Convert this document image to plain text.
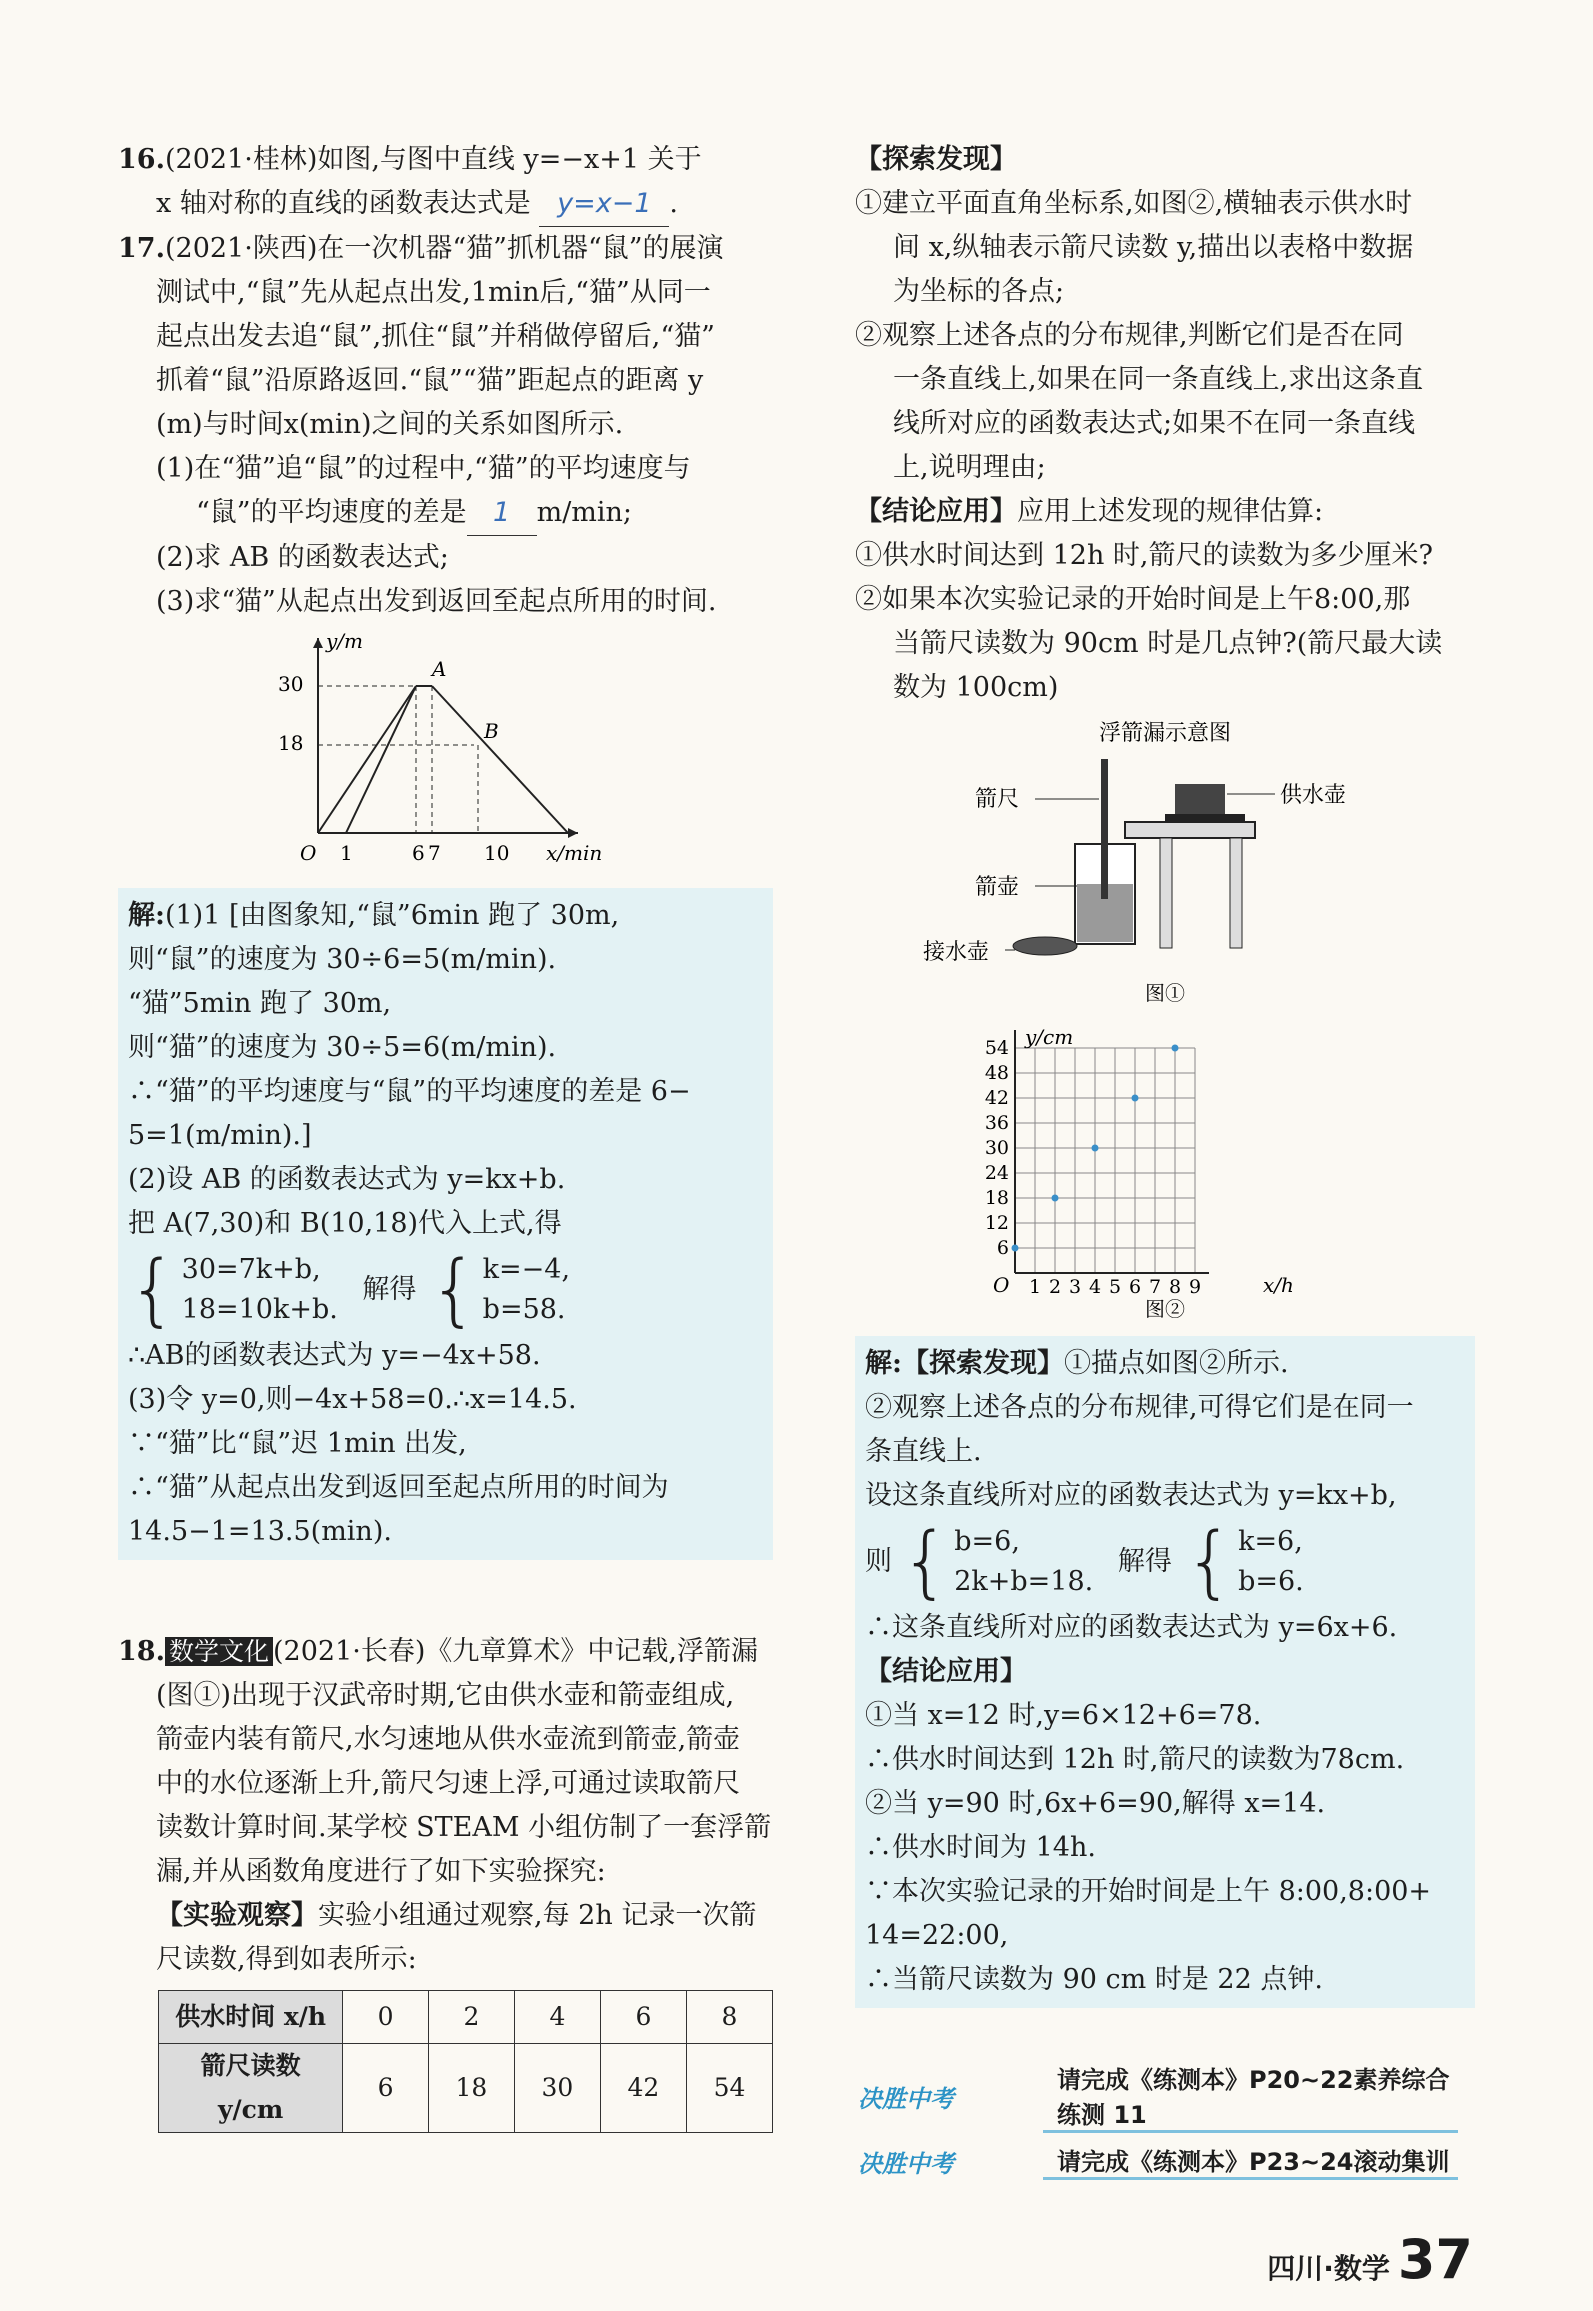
16.(2021·桂林)如图,与图中直线 y=−x+1 关于

x 轴对称的直线的函数表达式是 y=x−1 .

17.(2021·陕西)在一次机器“猫”抓机器“鼠”的展演

测试中,“鼠”先从起点出发,1min后,“猫”从同一

起点出发去追“鼠”,抓住“鼠”并稍做停留后,“猫”

抓着“鼠”沿原路返回.“鼠”“猫”距起点的距离 y

(m)与时间x(min)之间的关系如图所示.

(1)在“猫”追“鼠”的过程中,“猫”的平均速度与

“鼠”的平均速度的差是 1 m/min;

(2)求 AB 的函数表达式;

(3)求“猫”从起点出发到返回至起点所用的时间.

y/m
x/min
O
30
18
1	6 7 10
A
B

解:(1)1 [由图象知,“鼠”6min 跑了 30m,

则“鼠”的速度为 30÷6=5(m/min).

“猫”5min 跑了 30m,

则“猫”的速度为 30÷5=6(m/min).

∴“猫”的平均速度与“鼠”的平均速度的差是 6−

5=1(m/min).]

(2)设 AB 的函数表达式为 y=kx+b.

把 A(7,30)和 B(10,18)代入上式,得

{ 30=7k+b,
18=10k+b.
解得 { k=−4,
b=58.

∴AB的函数表达式为 y=−4x+58.

(3)令 y=0,则−4x+58=0.∴x=14.5.

∵“猫”比“鼠”迟 1min 出发,

∴“猫”从起点出发到返回至起点所用的时间为

14.5−1=13.5(min).

18. 数学文化 (2021·长春)《九章算术》中记载,浮箭漏

(图①)出现于汉武帝时期,它由供水壶和箭壶组成,

箭壶内装有箭尺,水匀速地从供水壶流到箭壶,箭壶

中的水位逐渐上升,箭尺匀速上浮,可通过读取箭尺

读数计算时间.某学校 STEAM 小组仿制了一套浮箭

漏,并从函数角度进行了如下实验探究:

【实验观察】实验小组通过观察,每 2h 记录一次箭

尺读数,得到如表所示:

供水时间 x/h	0	2	4	6	8
箭尺读数 y/cm	6	18	30	42	54

【探索发现】

①建立平面直角坐标系,如图②,横轴表示供水时

间 x,纵轴表示箭尺读数 y,描出以表格中数据

为坐标的各点;

②观察上述各点的分布规律,判断它们是否在同

一条直线上,如果在同一条直线上,求出这条直

线所对应的函数表达式;如果不在同一条直线

上,说明理由;

【结论应用】应用上述发现的规律估算:

①供水时间达到 12h 时,箭尺的读数为多少厘米?

②如果本次实验记录的开始时间是上午8:00,那

当箭尺读数为 90cm 时是几点钟?(箭尺最大读

数为 100cm)

浮箭漏示意图
箭尺	供水壶
箭壶
接水壶
图①

1 2 3 4 5 6 7 8 9
6
12
18
24
30
36
42
48
54 y/cm
x/h
O
图②

解:【探索发现】①描点如图②所示.

②观察上述各点的分布规律,可得它们是在同一

条直线上.

设这条直线所对应的函数表达式为 y=kx+b,

则 { b=6,
2k+b=18.
解得 { k=6,
b=6.

∴这条直线所对应的函数表达式为 y=6x+6.

【结论应用】

①当 x=12 时,y=6×12+6=78.

∴供水时间达到 12h 时,箭尺的读数为78cm.

②当 y=90 时,6x+6=90,解得 x=14.

∴供水时间为 14h.

∵本次实验记录的开始时间是上午 8:00,8:00+

14=22:00,

∴当箭尺读数为 90 cm 时是 22 点钟.

决胜中考
请完成《练测本》P20~22素养综合练测 11
决胜中考	请完成《练测本》P23~24滚动集训
四川·数学 37
